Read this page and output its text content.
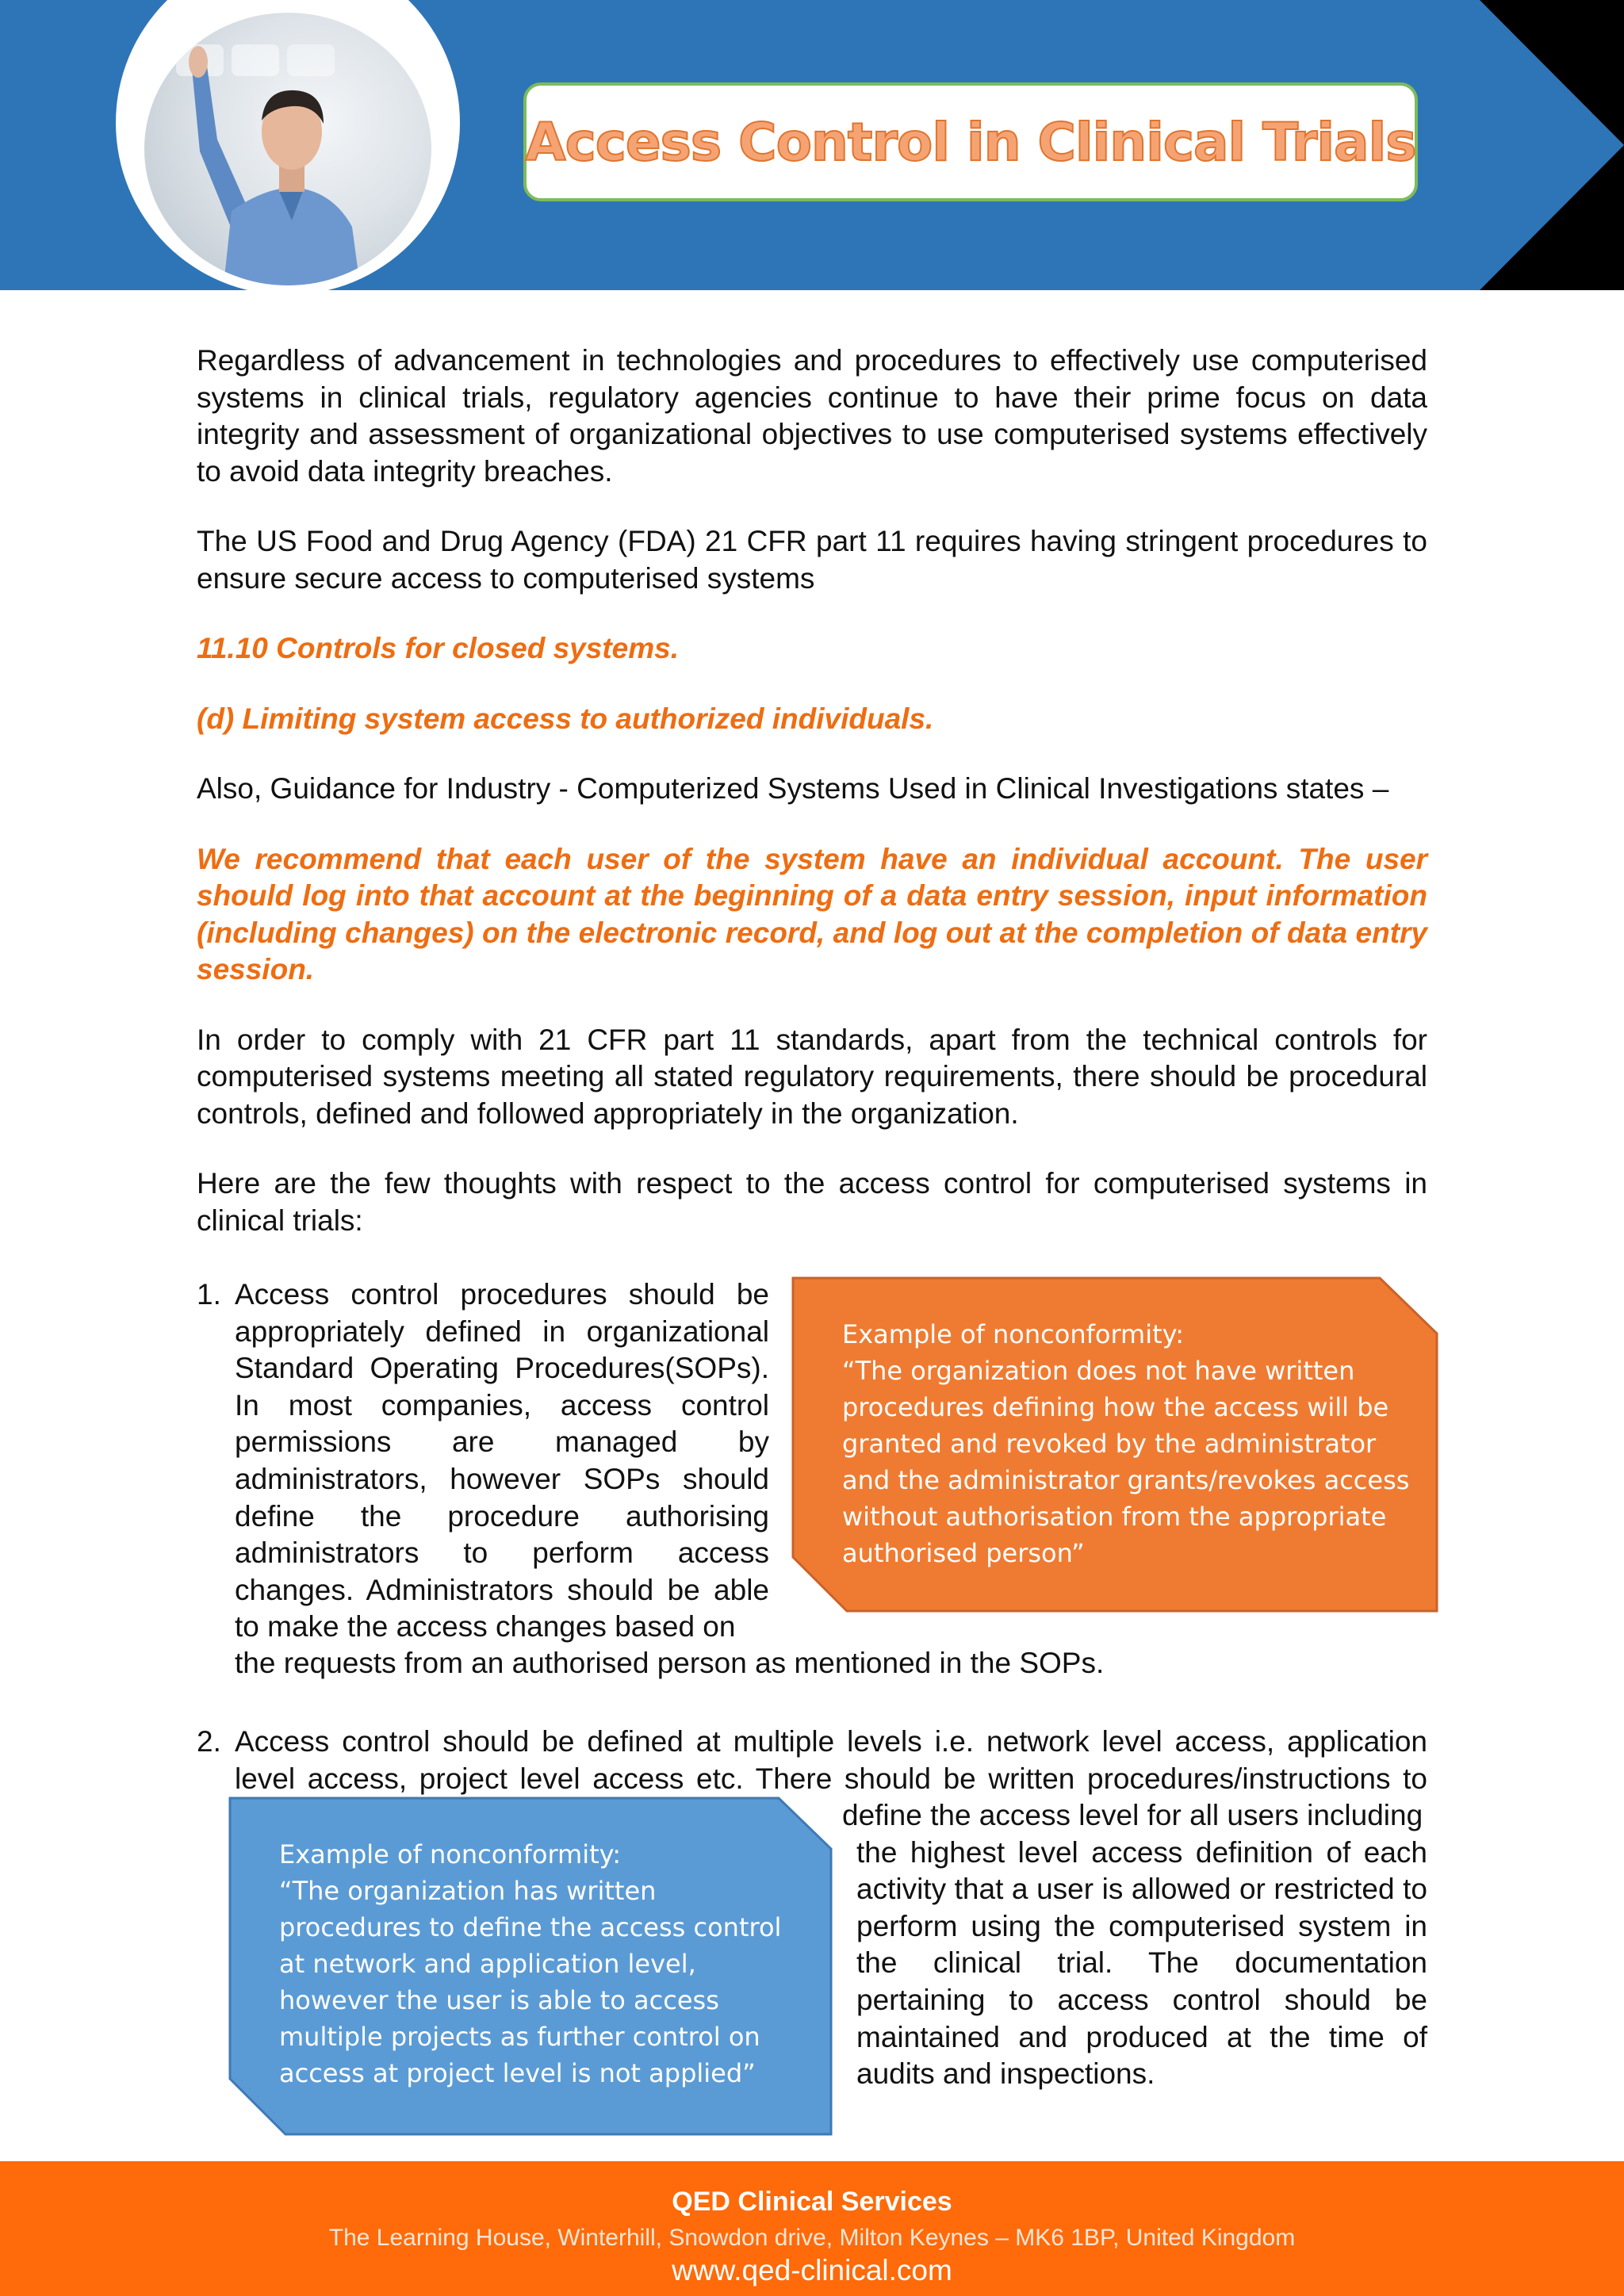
Access Control in Clinical Trials

Regardless of advancement in technologies and procedures to effectively use computerised systems in clinical trials, regulatory agencies continue to have their prime focus on data integrity and assessment of organizational objectives to use computerised systems effectively to avoid data integrity breaches.

The US Food and Drug Agency (FDA) 21 CFR part 11 requires having stringent procedures to ensure secure access to computerised systems

11.10 Controls for closed systems.

(d) Limiting system access to authorized individuals.

Also, Guidance for Industry - Computerized Systems Used in Clinical Investigations states –

We recommend that each user of the system have an individual account. The user should log into that account at the beginning of a data entry session, input information (including changes) on the electronic record, and log out at the completion of data entry session.

In order to comply with 21 CFR part 11 standards, apart from the technical controls for computerised systems meeting all stated regulatory requirements, there should be procedural controls, defined and followed appropriately in the organization.

Here are the few thoughts with respect to the access control for computerised systems in clinical trials:

1. Access control procedures should be appropriately defined in organizational Standard Operating Procedures(SOPs). In most companies, access control permissions are managed by administrators, however SOPs should define the procedure authorising administrators to perform access changes. Administrators should be able to make the access changes based on
the requests from an authorised person as mentioned in the SOPs.
Example of nonconformity:
“The organization does not have written procedures defining how the access will be granted and revoked by the administrator and the administrator grants/revokes access without authorisation from the appropriate authorised person”
2. Access control should be defined at multiple levels i.e. network level access, application level access, project level access etc. There should be written procedures/instructions to
define the access level for all users including
the highest level access definition of each activity that a user is allowed or restricted to perform using the computerised system in the clinical trial. The documentation pertaining to access control should be maintained and produced at the time of audits and inspections.
Example of nonconformity:
“The organization has written procedures to define the access control at network and application level, however the user is able to access multiple projects as further control on access at project level is not applied”
QED Clinical Services
The Learning House, Winterhill, Snowdon drive, Milton Keynes – MK6 1BP, United Kingdom
www.qed-clinical.com
